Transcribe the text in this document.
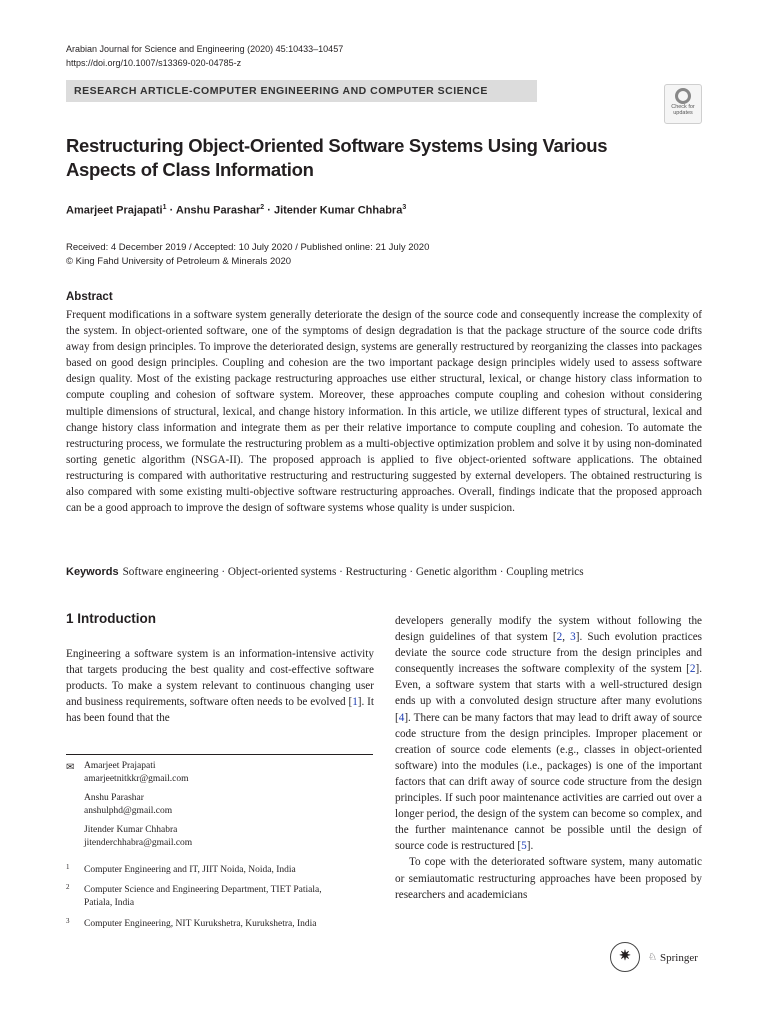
Arabian Journal for Science and Engineering (2020) 45:10433–10457
https://doi.org/10.1007/s13369-020-04785-z
RESEARCH ARTICLE-COMPUTER ENGINEERING AND COMPUTER SCIENCE
Check for
updates
Restructuring Object-Oriented Software Systems Using Various Aspects of Class Information
Amarjeet Prajapati$^1$ · Anshu Parashar$^2$ · Jitender Kumar Chhabra$^3$
Received: 4 December 2019 / Accepted: 10 July 2020 / Published online: 21 July 2020
© King Fahd University of Petroleum & Minerals 2020
Abstract

Frequent modifications in a software system generally deteriorate the design of the source code and consequently increase the complexity of the system. In object-oriented software, one of the symptoms of design degradation is that the package structure of the source code drifts away from design principles. To improve the deteriorated design, systems are generally restructured by reorganizing the classes into packages based on good design principles. Coupling and cohesion are the two important package design principles widely used to assess software design quality. Most of the existing package restructuring approaches use either structural, lexical, or change history class information to compute coupling and cohesion of software system. Moreover, these approaches compute coupling and cohesion without considering multiple dimensions of structural, lexical, and change history information. In this article, we utilize different types of structural, lexical and change history class information and integrate them as per their relative importance to compute coupling and cohesion. To automate the restructuring process, we formulate the restructuring problem as a multi-objective optimization problem and solve it by using non-dominated sorting genetic algorithm (NSGA-II). The proposed approach is applied to five object-oriented software applications. The obtained restructuring is compared with authoritative restructuring and restructuring suggested by external developers. The obtained restructuring is also compared with some existing multi-objective software restructuring approaches. Overall, findings indicate that the proposed approach can be a good approach to improve the design of software systems whose quality is under suspicion.

Keywords Software engineering · Object-oriented systems · Restructuring · Genetic algorithm · Coupling metrics
1 Introduction

Engineering a software system is an information-intensive activity that targets producing the best quality and cost-effective software products. To make a system relevant to continuous changing user and business requirements, software often needs to be evolved [1]. It has been found that the

developers generally modify the system without following the design guidelines of that system [2, 3]. Such evolution practices deviate the source code structure from the design principles and consequently increases the software complexity of the system [2]. Even, a software system that starts with a well-structured design ends up with a convoluted design structure after many evolutions [4]. There can be many factors that may lead to drift away of source code structure from the design principles. Improper placement or creation of source code elements (e.g., classes in object-oriented software) into the modules (i.e., packages) is one of the important factors that can drift away of source code structure from the design principles. If such poor maintenance activities are carried out over a longer period, the design of the system can become so complex, and the further maintenance cannot be possible until the design of source code is restructured [5].

To cope with the deteriorated software system, many automatic or semiautomatic restructuring approaches have been proposed by researchers and academicians

✉ Amarjeet Prajapati
amarjeetnitkkr@gmail.com
Anshu Parashar
anshulphd@gmail.com
Jitender Kumar Chhabra
jitenderchhabra@gmail.com
1 Computer Engineering and IT, JIIT Noida, Noida, India
2 Computer Science and Engineering Department, TIET Patiala, Patiala, India
3 Computer Engineering, NIT Kurukshetra, Kurukshetra, India
✷	♘ Springer
